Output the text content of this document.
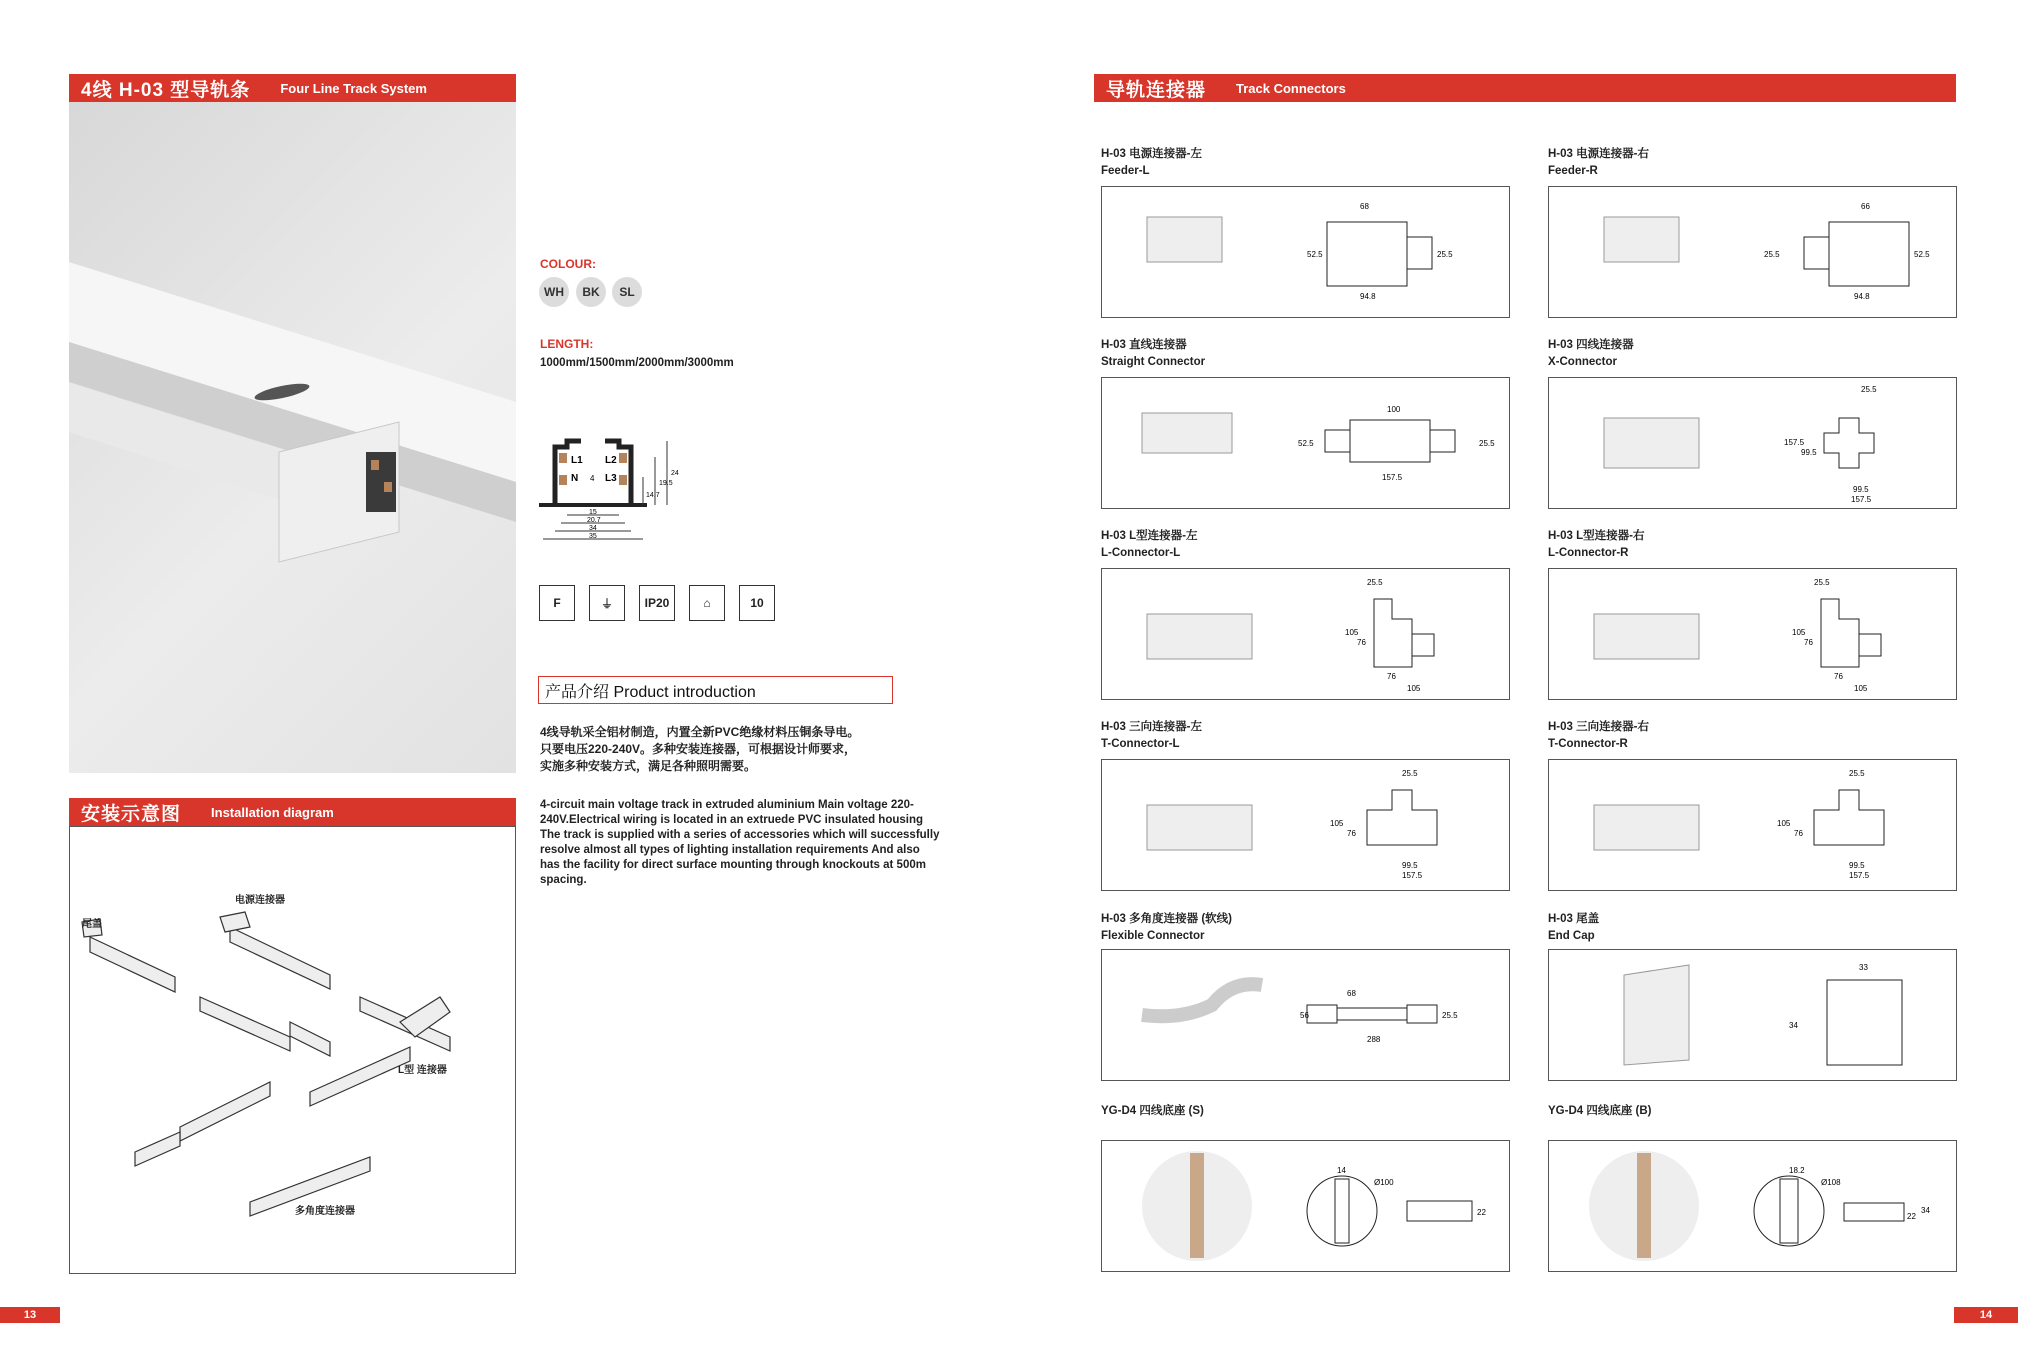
4线 H-03 型导轨条 Four Line Track System
COLOUR:
WH	BK	SL
LENGTH:
1000mm/1500mm/2000mm/3000mm
L1 L2
N 4 L3
15
20.7
34
35
24
19.5
14.7
F	⏚	IP20	⌂	10
产品介绍 Product introduction
4线导轨采全铝材制造，内置全新PVC绝缘材料压铜条导电。
只要电压220-240V。多种安装连接器，可根据设计师要求，
实施多种安装方式，满足各种照明需要。
4-circuit main voltage track in extruded aluminium Main voltage 220-
240V.Electrical wiring is located in an extruede PVC insulated housing
The track is supplied with a series of accessories which will successfully
resolve almost all types of lighting installation requirements And also
has the facility for direct surface mounting through knockouts at 500m
spacing.
安装示意图 Installation diagram
电源连接器
尾盖
L型 连接器
多角度连接器
13
导轨连接器 Track Connectors
H-03 电源连接器-左
Feeder-L
68
52.5	25.5
94.8
H-03 电源连接器-右
Feeder-R
66
25.5	52.5
94.8
H-03 直线连接器
Straight Connector
100
52.5	25.5
157.5
H-03 四线连接器
X-Connector
25.5
157.5
99.5
99.5
157.5
H-03 L型连接器-左
L-Connector-L
25.5
105
76
76
105
H-03 L型连接器-右
L-Connector-R
25.5
105
76
76
105
H-03 三向连接器-左
T-Connector-L
25.5
105
76
99.5
157.5
H-03 三向连接器-右
T-Connector-R
25.5
105
76
99.5
157.5
H-03 多角度连接器 (软线)
Flexible Connector
68
56	25.5
288
H-03 尾盖
End Cap
33
34
YG-D4 四线底座 (S)
14
Ø100
22
YG-D4 四线底座 (B)
18.2
Ø108
22
34
14
